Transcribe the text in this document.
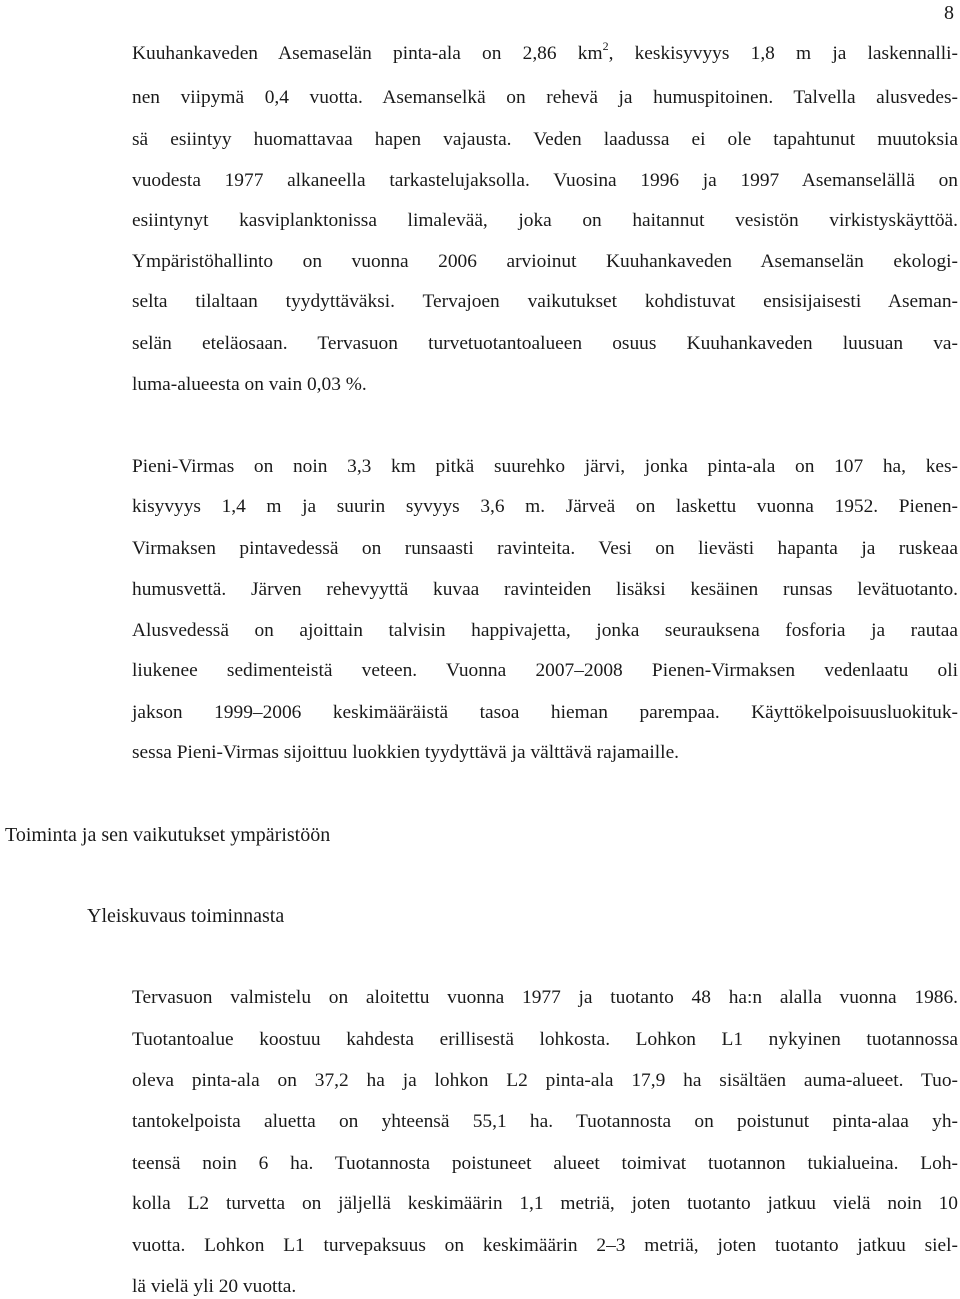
8
Kuuhankaveden Asemaselän pinta-ala on 2,86 $km^2$, keskisyvyys 1,8 m ja laskennalli-
nen viipymä 0,4 vuotta. Asemanselkä on rehevä ja humuspitoinen. Talvella alusvedes-
sä esiintyy huomattavaa hapen vajausta. Veden laadussa ei ole tapahtunut muutoksia
vuodesta 1977 alkaneella tarkastelujaksolla. Vuosina 1996 ja 1997 Asemanselällä on
esiintynyt kasviplanktonissa limalevää, joka on haitannut vesistön virkistyskäyttöä.
Ympäristöhallinto on vuonna 2006 arvioinut Kuuhankaveden Asemanselän ekologi-
selta tilaltaan tyydyttäväksi. Tervajoen vaikutukset kohdistuvat ensisijaisesti Aseman-
selän eteläosaan. Tervasuon turvetuotantoalueen osuus Kuuhankaveden luusuan va-
luma-alueesta on vain 0,03 %.
Pieni-Virmas on noin 3,3 km pitkä suurehko järvi, jonka pinta-ala on 107 ha, kes-
kisyvyys 1,4 m ja suurin syvyys 3,6 m. Järveä on laskettu vuonna 1952. Pienen-
Virmaksen pintavedessä on runsaasti ravinteita. Vesi on lievästi hapanta ja ruskeaa
humusvettä. Järven rehevyyttä kuvaa ravinteiden lisäksi kesäinen runsas levätuotanto.
Alusvedessä on ajoittain talvisin happivajetta, jonka seurauksena fosforia ja rautaa
liukenee sedimenteistä veteen. Vuonna 2007–2008 Pienen-Virmaksen vedenlaatu oli
jakson 1999–2006 keskimääräistä tasoa hieman parempaa. Käyttökelpoisuusluokituk-
sessa Pieni-Virmas sijoittuu luokkien tyydyttävä ja välttävä rajamaille.
Toiminta ja sen vaikutukset ympäristöön
Yleiskuvaus toiminnasta
Tervasuon valmistelu on aloitettu vuonna 1977 ja tuotanto 48 ha:n alalla vuonna 1986.
Tuotantoalue koostuu kahdesta erillisestä lohkosta. Lohkon L1 nykyinen tuotannossa
oleva pinta-ala on 37,2 ha ja lohkon L2 pinta-ala 17,9 ha sisältäen auma-alueet. Tuo-
tantokelpoista aluetta on yhteensä 55,1 ha. Tuotannosta on poistunut pinta-alaa yh-
teensä noin 6 ha. Tuotannosta poistuneet alueet toimivat tuotannon tukialueina. Loh-
kolla L2 turvetta on jäljellä keskimäärin 1,1 metriä, joten tuotanto jatkuu vielä noin 10
vuotta. Lohkon L1 turvepaksuus on keskimäärin 2–3 metriä, joten tuotanto jatkuu siel-
lä vielä yli 20 vuotta.
